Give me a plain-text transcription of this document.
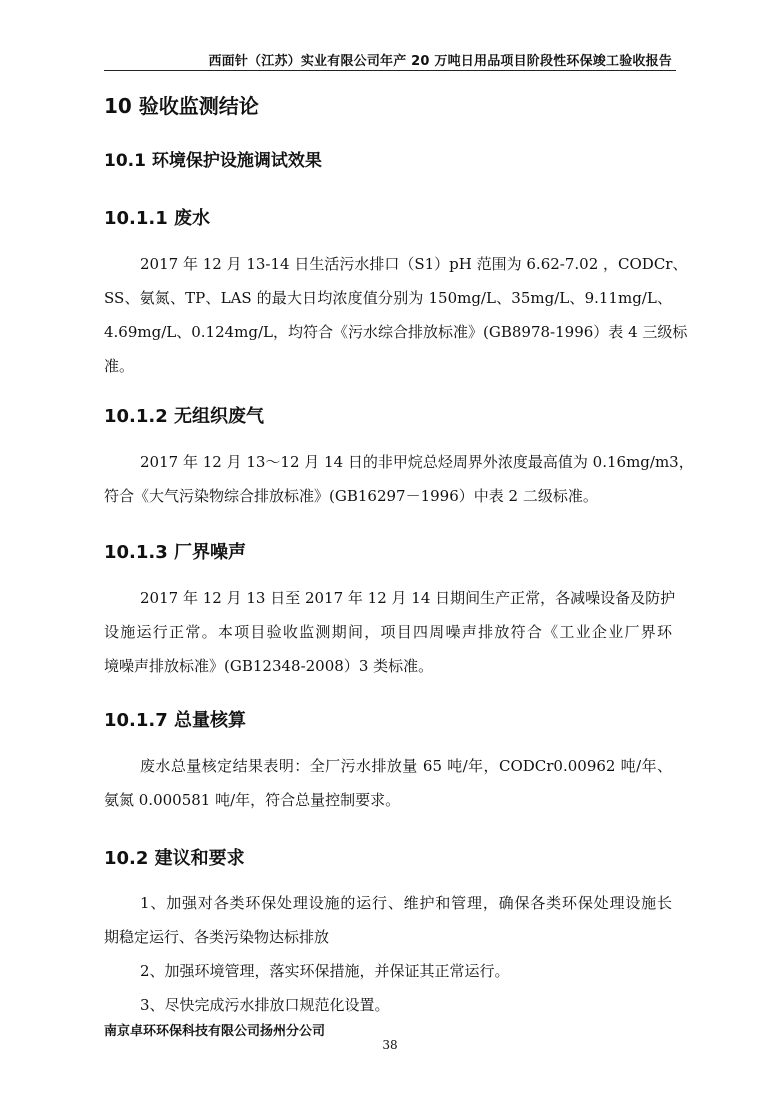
西面针（江苏）实业有限公司年产 20 万吨日用品项目阶段性环保竣工验收报告
10 验收监测结论
10.1 环境保护设施调试效果
10.1.1 废水

2017 年 12 月 13-14 日生活污水排口（S1）pH 范围为 6.62-7.02 ，CODCr、
SS、氨氮、TP、LAS 的最大日均浓度值分别为 150mg/L、35mg/L、9.11mg/L、
4.69mg/L、0.124mg/L，均符合《污水综合排放标准》(GB8978-1996）表 4 三级标
准。

10.1.2 无组织废气

2017 年 12 月 13～12 月 14 日的非甲烷总烃周界外浓度最高值为 0.16mg/m3，
符合《大气污染物综合排放标准》(GB16297－1996）中表 2 二级标准。

10.1.3 厂界噪声

2017 年 12 月 13 日至 2017 年 12 月 14 日期间生产正常，各减噪设备及防护
设施运行正常。本项目验收监测期间，项目四周噪声排放符合《工业企业厂界环
境噪声排放标准》(GB12348-2008）3 类标准。

10.1.7 总量核算

废水总量核定结果表明：全厂污水排放量 65 吨/年，CODCr0.00962 吨/年、
氨氮 0.000581 吨/年，符合总量控制要求。

10.2 建议和要求

1、加强对各类环保处理设施的运行、维护和管理，确保各类环保处理设施长
期稳定运行、各类污染物达标排放
2、加强环境管理，落实环保措施，并保证其正常运行。
3、尽快完成污水排放口规范化设置。

南京卓环环保科技有限公司扬州分公司
38
